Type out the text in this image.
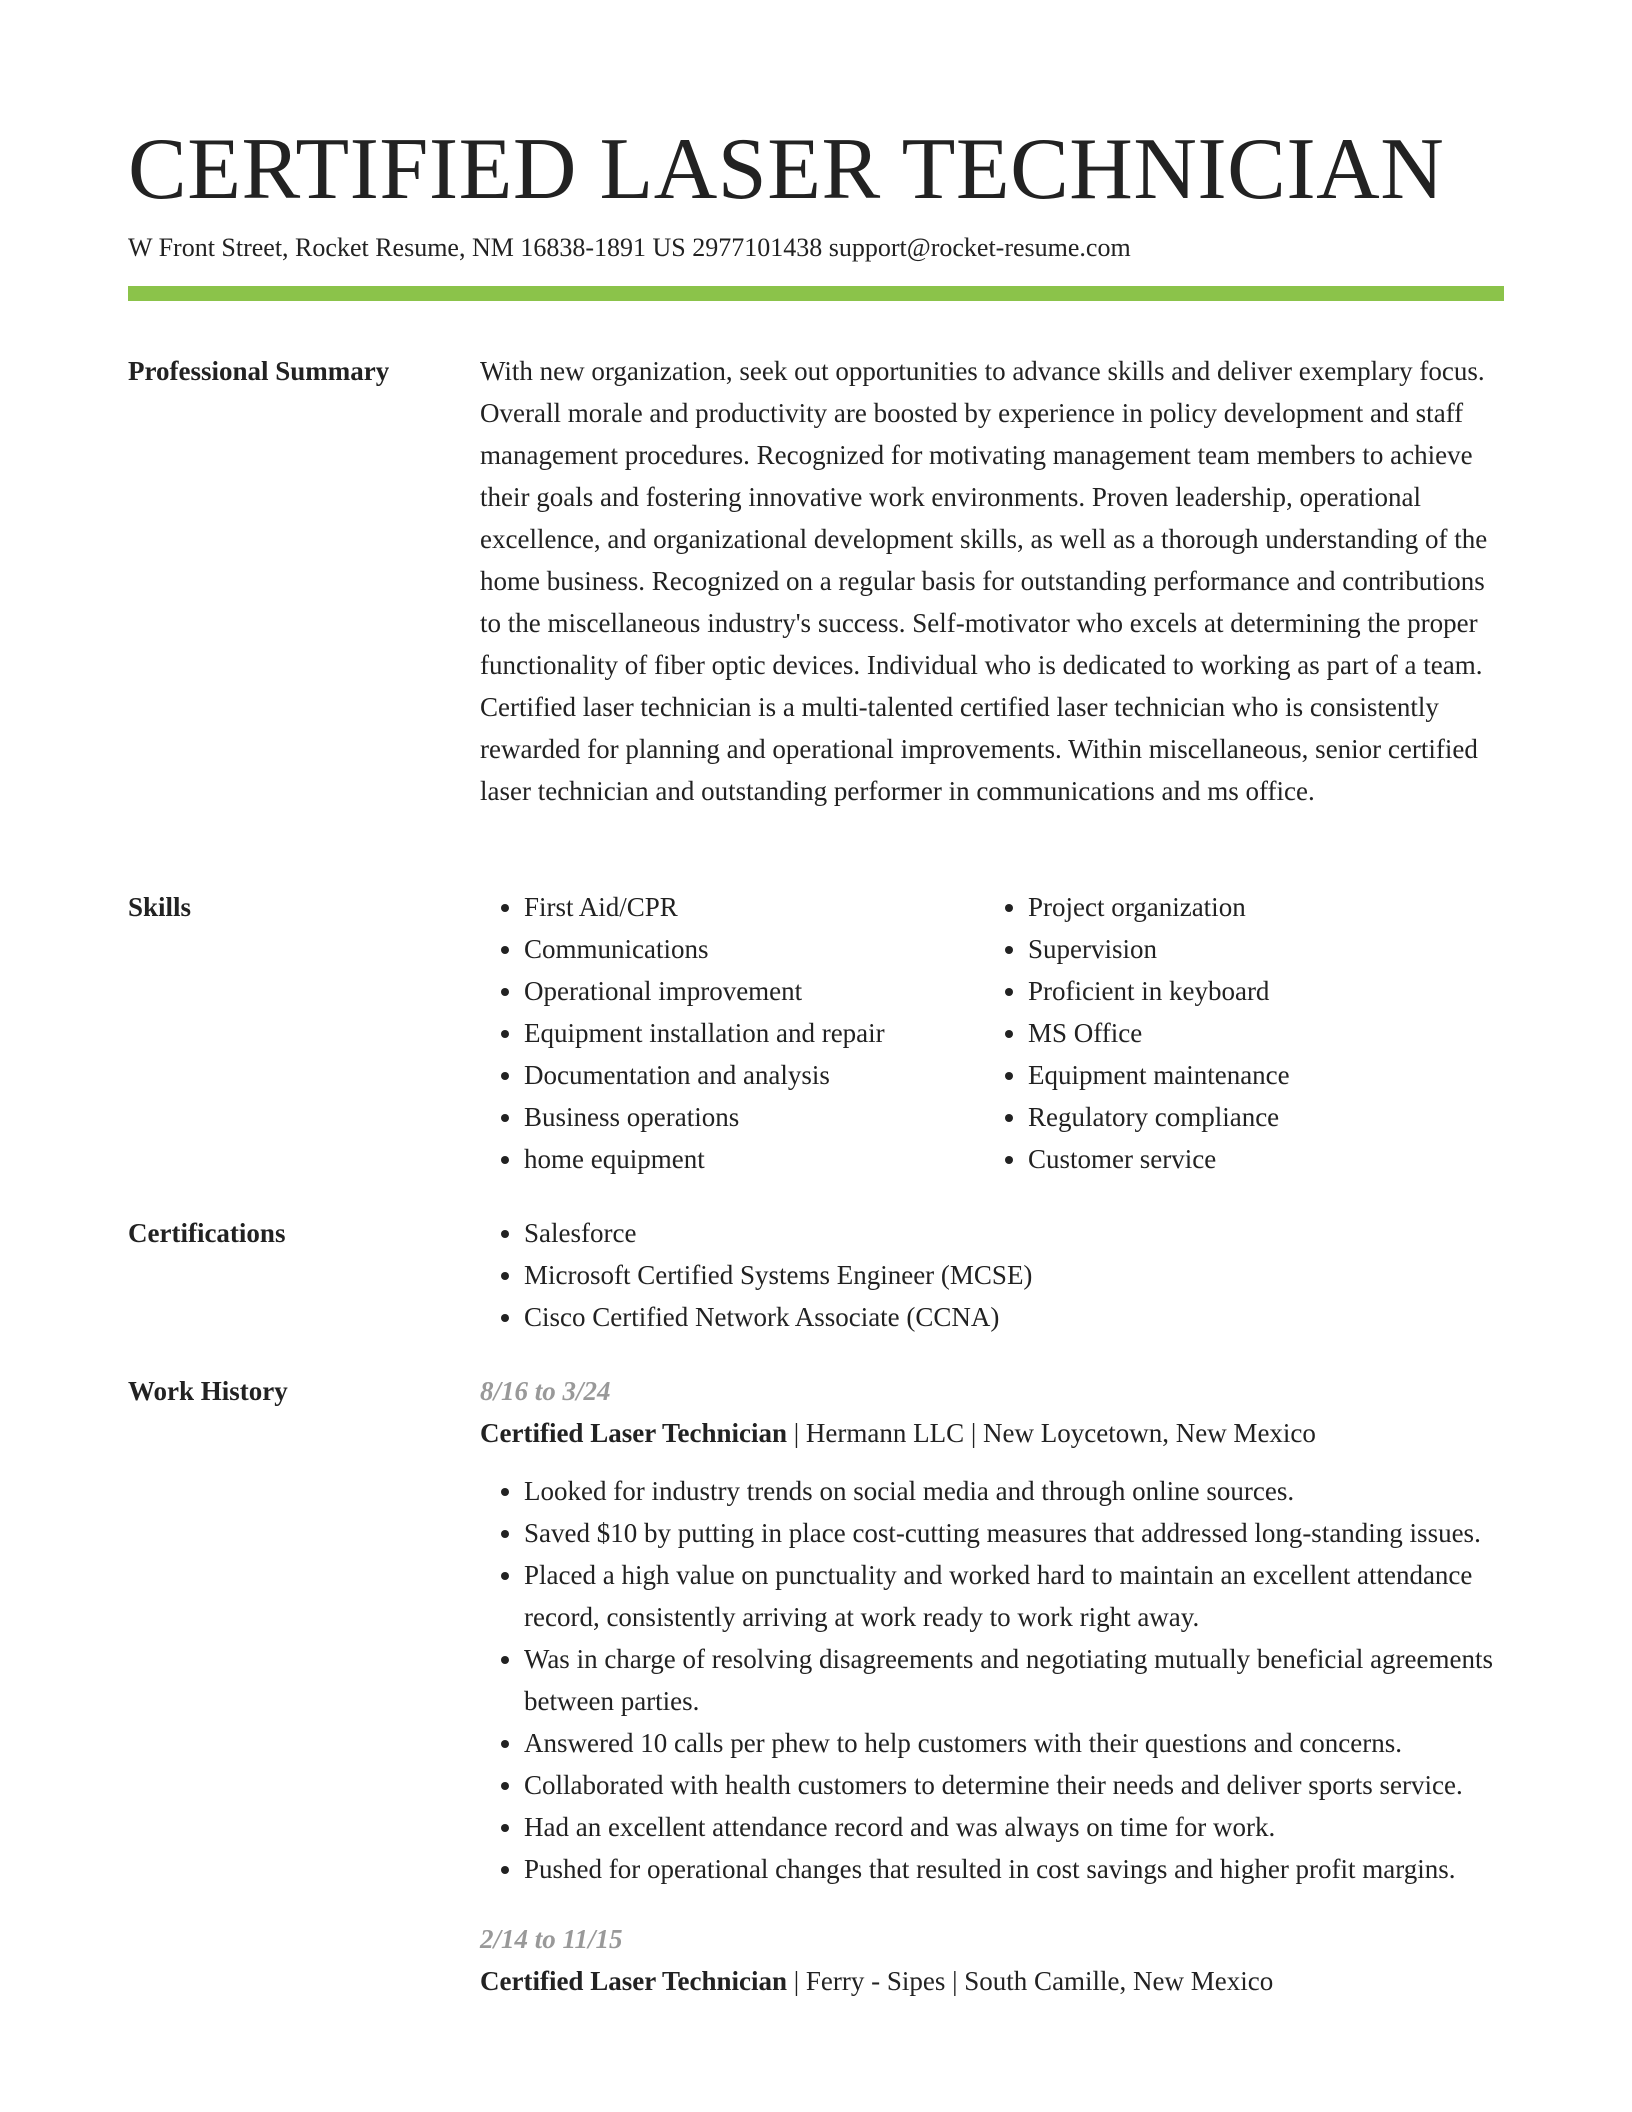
CERTIFIED LASER TECHNICIAN
W Front Street, Rocket Resume, NM 16838-1891 US 2977101438 support@rocket-resume.com
Professional Summary	With new organization, seek out opportunities to advance skills and deliver exemplary focus. Overall morale and productivity are boosted by experience in policy development and staff management procedures. Recognized for motivating management team members to achieve their goals and fostering innovative work environments. Proven leadership, operational excellence, and organizational development skills, as well as a thorough understanding of the home business. Recognized on a regular basis for outstanding performance and contributions to the miscellaneous industry's success. Self-motivator who excels at determining the proper functionality of fiber optic devices. Individual who is dedicated to working as part of a team. Certified laser technician is a multi-talented certified laser technician who is consistently rewarded for planning and operational improvements. Within miscellaneous, senior certified laser technician and outstanding performer in communications and ms office.

Skills	• First Aid/CPR
• Communications
• Operational improvement
• Equipment installation and repair
• Documentation and analysis
• Business operations
• home equipment
• Project organization
• Supervision
• Proficient in keyboard
• MS Office
• Equipment maintenance
• Regulatory compliance
• Customer service
Certifications	• Salesforce
• Microsoft Certified Systems Engineer (MCSE)
• Cisco Certified Network Associate (CCNA)
Work History	8/16 to 3/24
Certified Laser Technician | Hermann LLC | New Loycetown, New Mexico
• Looked for industry trends on social media and through online sources.
• Saved $10 by putting in place cost-cutting measures that addressed long-standing issues.
• Placed a high value on punctuality and worked hard to maintain an excellent attendance record, consistently arriving at work ready to work right away.
• Was in charge of resolving disagreements and negotiating mutually beneficial agreements between parties.
• Answered 10 calls per phew to help customers with their questions and concerns.
• Collaborated with health customers to determine their needs and deliver sports service.
• Had an excellent attendance record and was always on time for work.
• Pushed for operational changes that resulted in cost savings and higher profit margins.
2/14 to 11/15
Certified Laser Technician | Ferry - Sipes | South Camille, New Mexico
